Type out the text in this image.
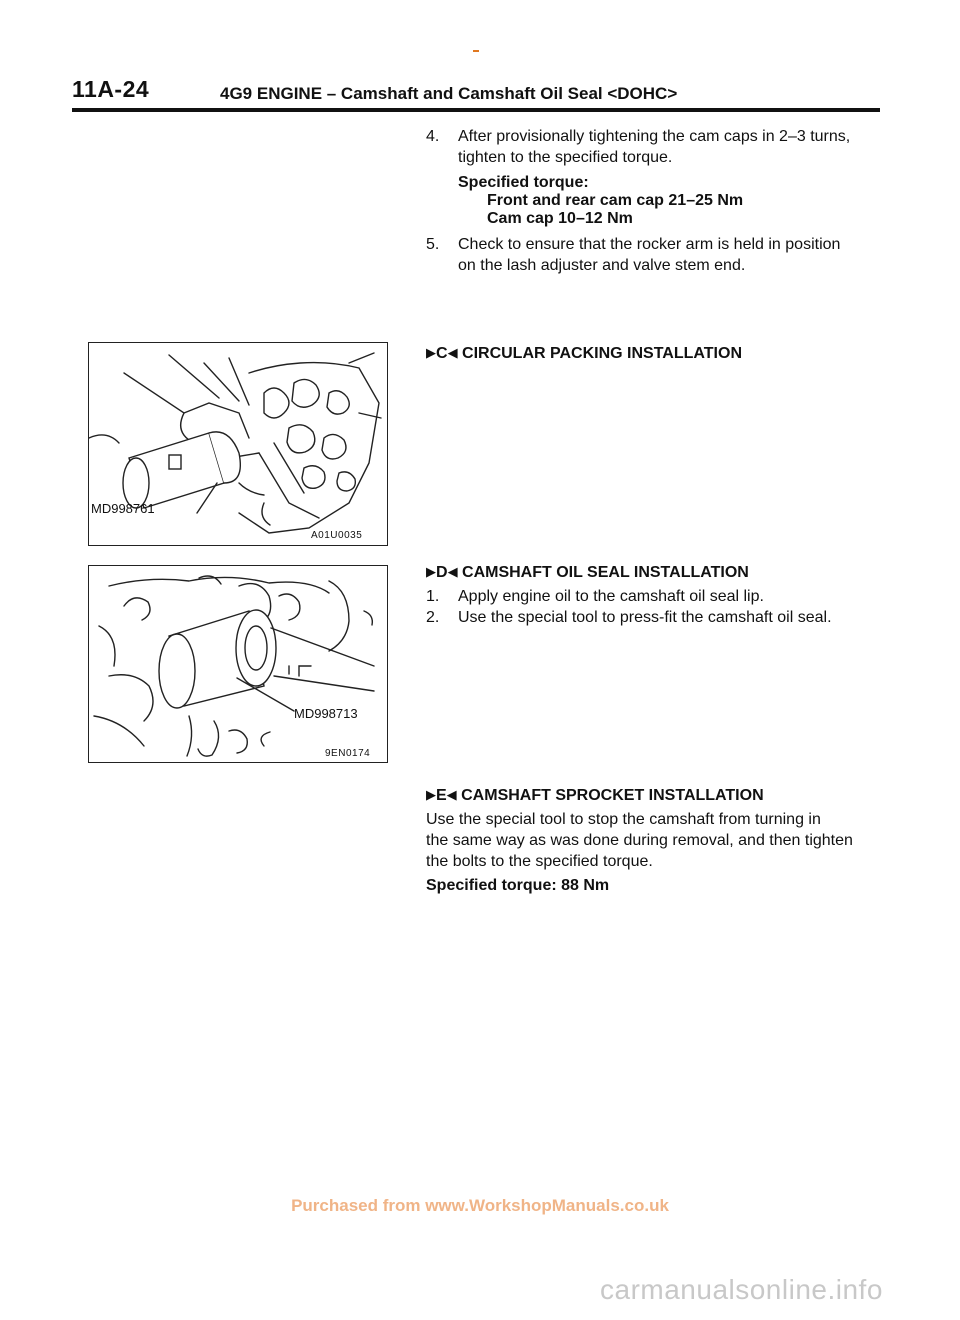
11A-24	4G9 ENGINE – Camshaft and Camshaft Oil Seal <DOHC>
4. After provisionally tightening the cam caps in 2–3 turns,
tighten to the specified torque.
Specified torque:
Front and rear cam cap 21–25 Nm
Cam cap 10–12 Nm
5. Check to ensure that the rocker arm is held in position
on the lash adjuster and valve stem end.
▶C◀ CIRCULAR PACKING INSTALLATION
MD998761
A01U0035
▶D◀ CAMSHAFT OIL SEAL INSTALLATION
1. Apply engine oil to the camshaft oil seal lip.
2. Use the special tool to press-fit the camshaft oil seal.
MD998713
9EN0174
▶E◀ CAMSHAFT SPROCKET INSTALLATION
Use the special tool to stop the camshaft from turning in
the same way as was done during removal, and then tighten
the bolts to the specified torque.
Specified torque: 88 Nm
Purchased from www.WorkshopManuals.co.uk
carmanualsonline.info
